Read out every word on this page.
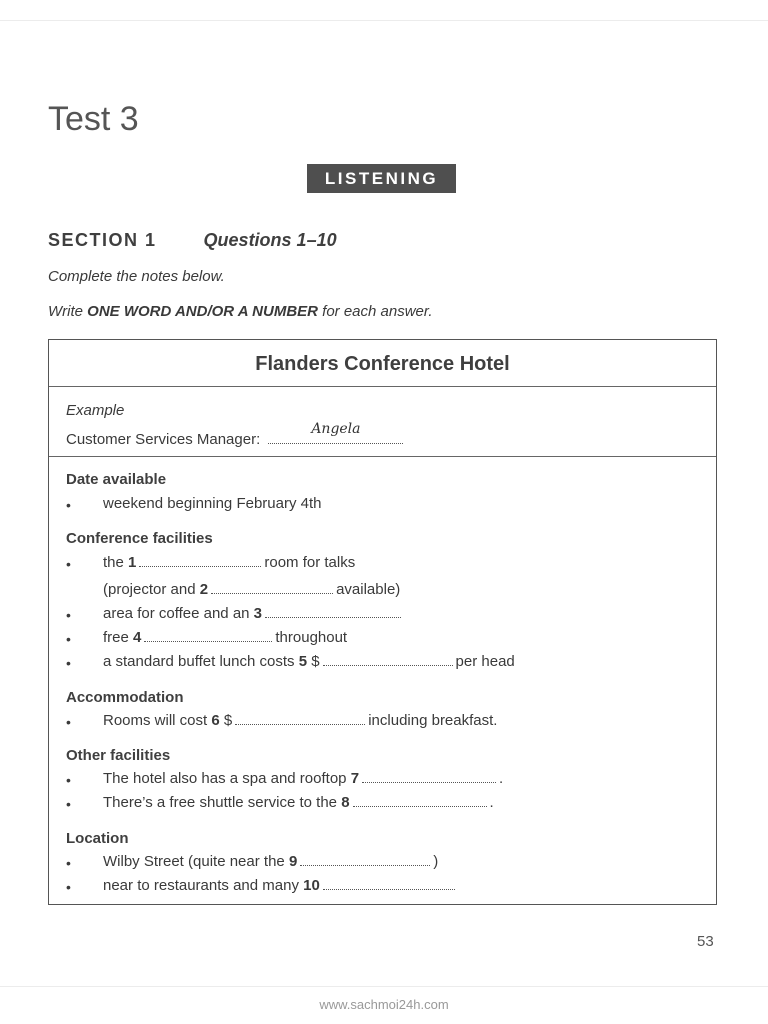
Test 3
LISTENING
SECTION 1	Questions 1–10
Complete the notes below.
Write ONE WORD AND/OR A NUMBER for each answer.
Flanders Conference Hotel
Example
Customer Services Manager:
Angela
Date available
• weekend beginning February 4th
Conference facilities
• the 1	room for talks
(projector and 2	available)
• area for coffee and an 3
• free 4	throughout
• a standard buffet lunch costs 5 $	per head
Accommodation
• Rooms will cost 6 $	including breakfast.
Other facilities
• The hotel also has a spa and rooftop 7	.
• There’s a free shuttle service to the 8	.
Location
• Wilby Street (quite near the 9	)
• near to restaurants and many 10
53
www.sachmoi24h.com
